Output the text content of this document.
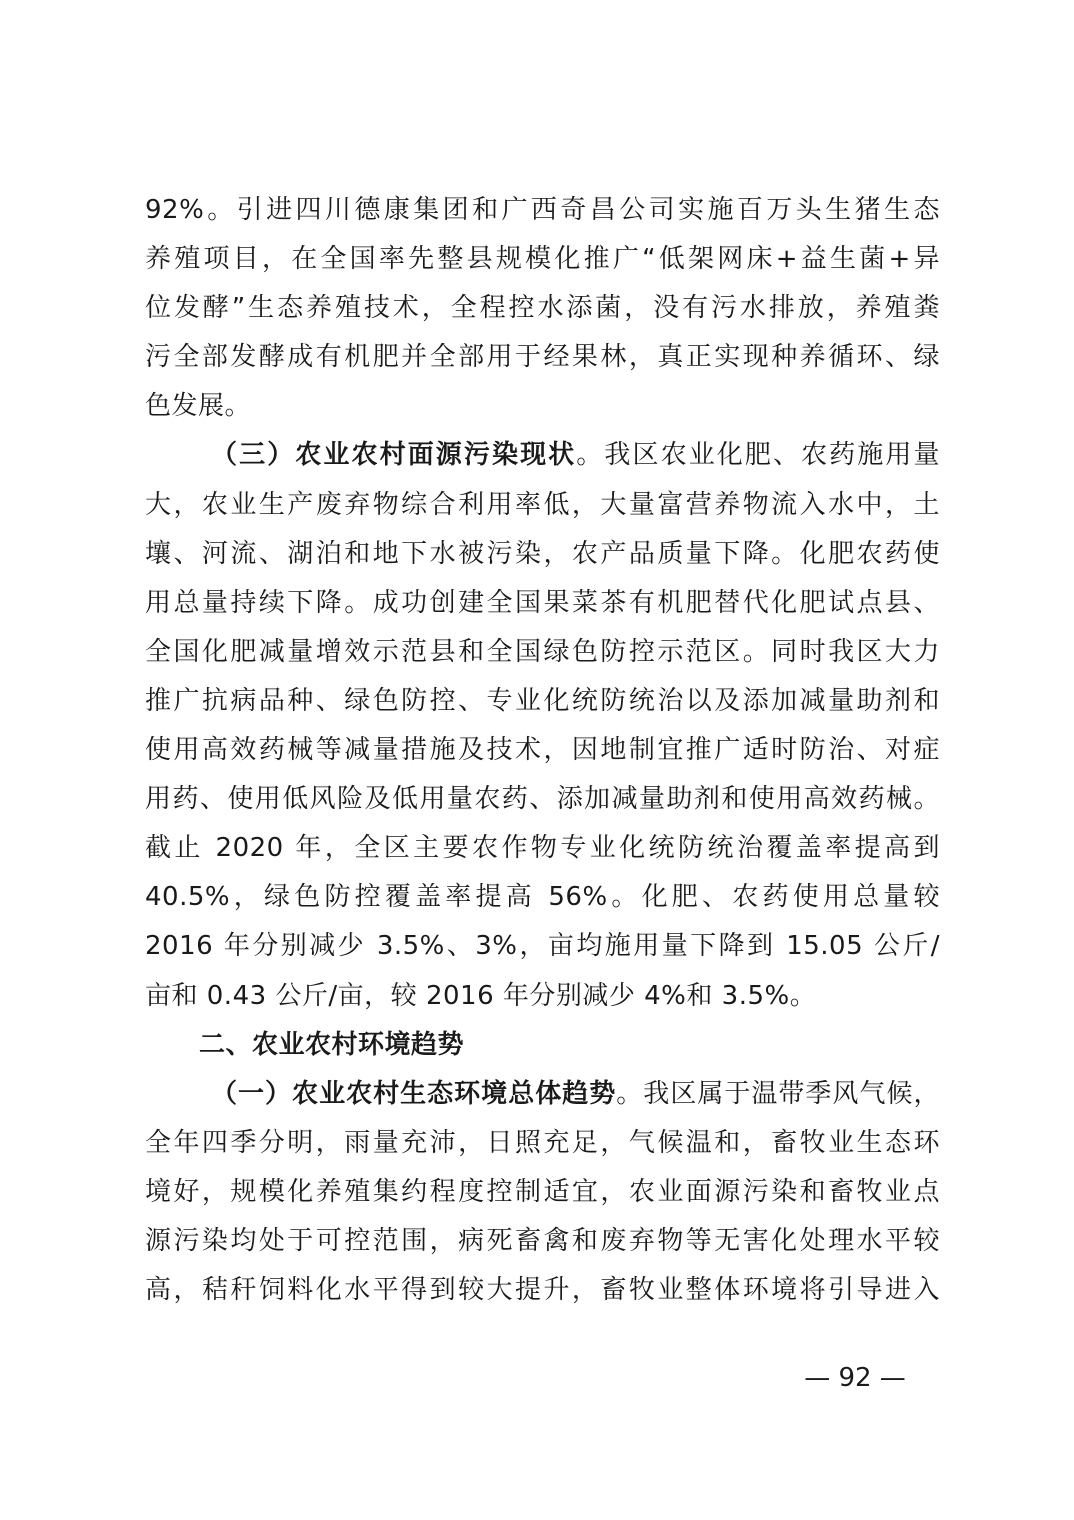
92%。引进四川德康集团和广西奇昌公司实施百万头生猪生态
养殖项目，在全国率先整县规模化推广“低架网床+益生菌+异
位发酵”生态养殖技术，全程控水添菌，没有污水排放，养殖粪
污全部发酵成有机肥并全部用于经果林，真正实现种养循环、绿
色发展。
（三）农业农村面源污染现状。我区农业化肥、农药施用量
大，农业生产废弃物综合利用率低，大量富营养物流入水中，土
壤、河流、湖泊和地下水被污染，农产品质量下降。化肥农药使
用总量持续下降。成功创建全国果菜茶有机肥替代化肥试点县、
全国化肥减量增效示范县和全国绿色防控示范区。同时我区大力
推广抗病品种、绿色防控、专业化统防统治以及添加减量助剂和
使用高效药械等减量措施及技术，因地制宜推广适时防治、对症
用药、使用低风险及低用量农药、添加减量助剂和使用高效药械。
截止 2020 年，全区主要农作物专业化统防统治覆盖率提高到
40.5%，绿色防控覆盖率提高 56%。化肥、农药使用总量较
2016 年分别减少 3.5%、3%，亩均施用量下降到 15.05 公斤/
亩和 0.43 公斤/亩，较 2016 年分别减少 4%和 3.5%。
二、农业农村环境趋势
（一）农业农村生态环境总体趋势。我区属于温带季风气候，
全年四季分明，雨量充沛，日照充足，气候温和，畜牧业生态环
境好，规模化养殖集约程度控制适宜，农业面源污染和畜牧业点
源污染均处于可控范围，病死畜禽和废弃物等无害化处理水平较
高，秸秆饲料化水平得到较大提升，畜牧业整体环境将引导进入
— 92 —
